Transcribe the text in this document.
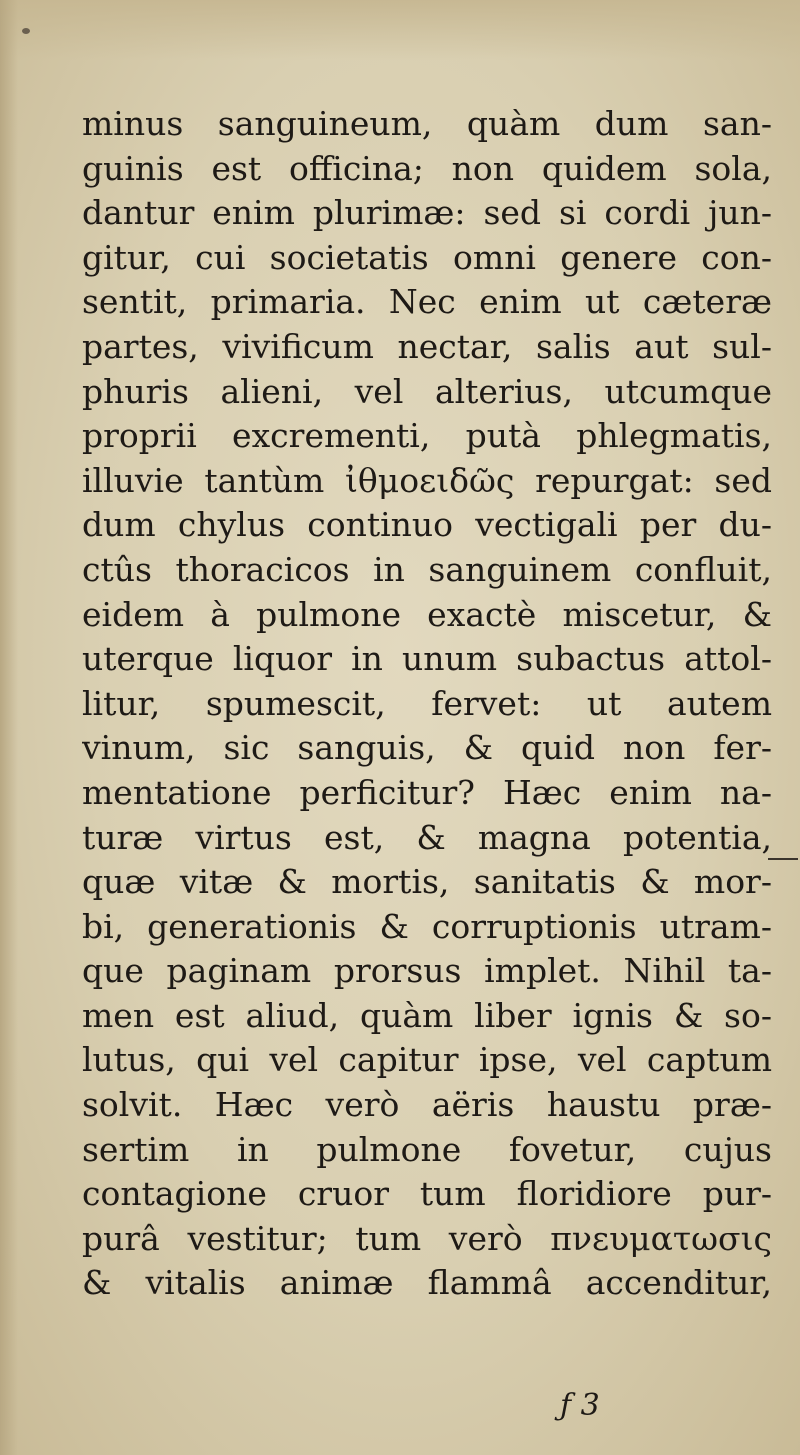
minus sanguineum, quàm dum san-
guinis est officina; non quidem sola,
dantur enim plurimæ: sed si cordi jun-
gitur, cui societatis omni genere con-
sentit, primaria. Nec enim ut cæteræ
partes, vivificum nectar, salis aut sul-
phuris alieni, vel alterius, utcumque
proprii excrementi, putà phlegmatis,
illuvie tantùm ἰθμοειδῶς repurgat: sed
dum chylus continuo vectigali per du-
ctûs thoracicos in sanguinem confluit,
eidem à pulmone exactè miscetur, &
uterque liquor in unum subactus attol-
litur, spumescit, fervet: ut autem
vinum, sic sanguis, & quid non fer-
mentatione perficitur? Hæc enim na-
turæ virtus est, & magna potentia,
quæ vitæ & mortis, sanitatis & mor-
bi, generationis & corruptionis utram-
que paginam prorsus implet. Nihil ta-
men est aliud, quàm liber ignis & so-
lutus, qui vel capitur ipse, vel captum
solvit. Hæc verò aëris haustu præ-
sertim in pulmone fovetur, cujus
contagione cruor tum floridiore pur-
purâ vestitur; tum verò πνευματωσις
& vitalis animæ flammâ accenditur,
ƒ 3
